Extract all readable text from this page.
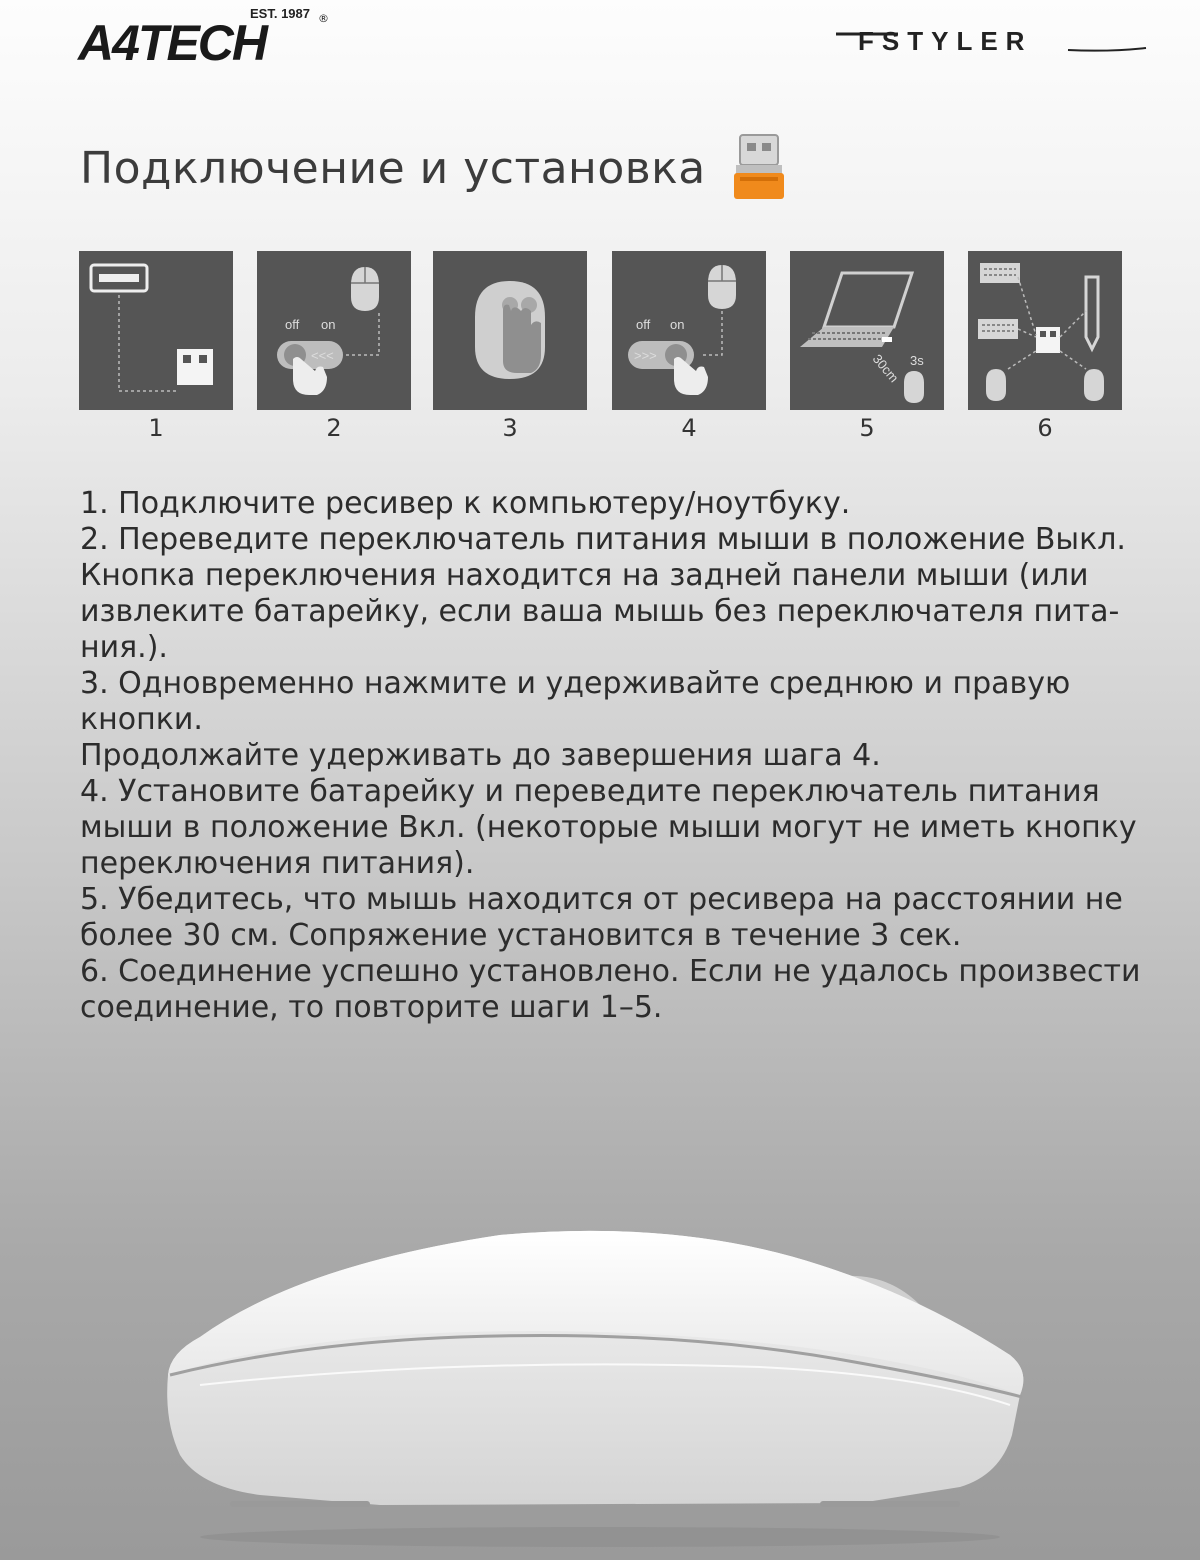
EST. 1987
A4TECH	®
FSTYLER
Подключение и установка
1
off on
<<<
2	3
off on
>>>
4
30cm 3s
5	6

1. Подключите ресивер к компьютеру/ноутбуку.

2. Переведите переключатель питания мыши в положение Выкл. Кнопка переключения находится на задней панели мыши (или извлеките батарейку, если ваша мышь без переключателя пита-ния.).

3. Одновременно нажмите и удерживайте среднюю и правую кнопки.

Продолжайте удерживать до завершения шага 4.

4. Установите батарейку и переведите переключатель питания мыши в положение Вкл. (некоторые мыши могут не иметь кнопку переключения питания).

5. Убедитесь, что мышь находится от ресивера на расстоянии не более 30 см. Сопряжение установится в течение 3 сек.

6. Соединение успешно установлено. Если не удалось произвести соединение, то повторите шаги 1–5.
